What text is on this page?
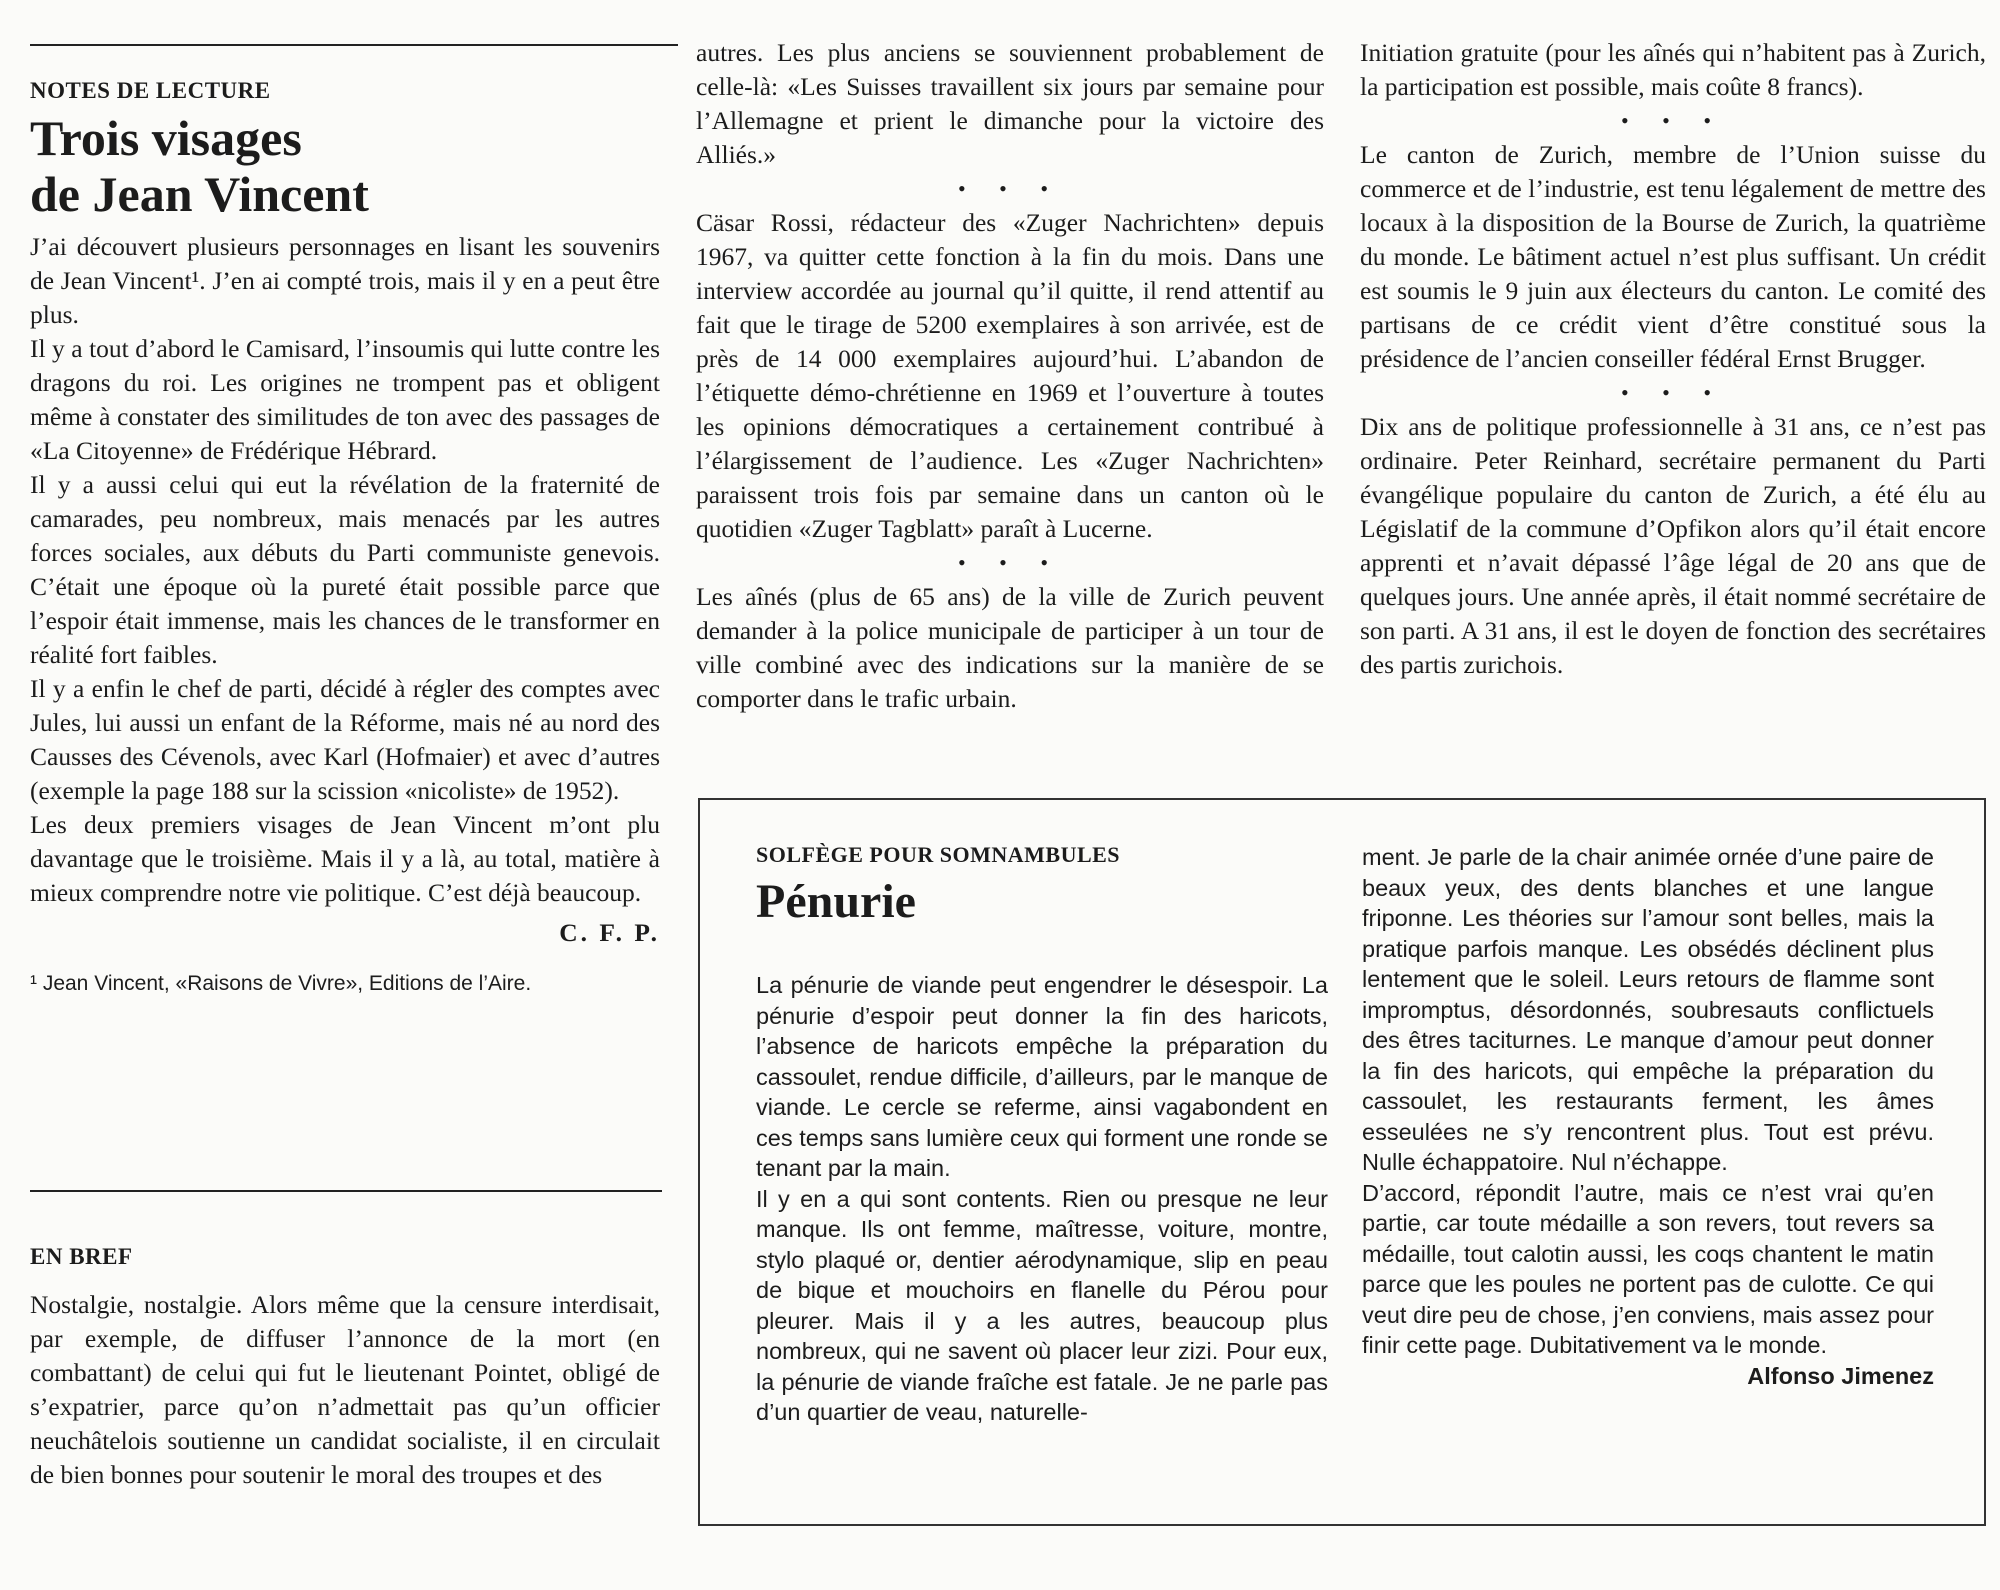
NOTES DE LECTURE

Trois visages
de Jean Vincent

J’ai découvert plusieurs personnages en lisant les souvenirs de Jean Vincent¹. J’en ai compté trois, mais il y en a peut être plus.

Il y a tout d’abord le Camisard, l’insoumis qui lutte contre les dragons du roi. Les origines ne trompent pas et obligent même à constater des similitudes de ton avec des passages de «La Citoyenne» de Frédérique Hébrard.

Il y a aussi celui qui eut la révélation de la fraternité de camarades, peu nombreux, mais menacés par les autres forces sociales, aux débuts du Parti communiste genevois. C’était une époque où la pureté était possible parce que l’espoir était immense, mais les chances de le transformer en réalité fort faibles.

Il y a enfin le chef de parti, décidé à régler des comptes avec Jules, lui aussi un enfant de la Réforme, mais né au nord des Causses des Cévenols, avec Karl (Hofmaier) et avec d’autres (exemple la page 188 sur la scission «nicoliste» de 1952).

Les deux premiers visages de Jean Vincent m’ont plu davantage que le troisième. Mais il y a là, au total, matière à mieux comprendre notre vie politique. C’est déjà beaucoup.

C. F. P.

¹ Jean Vincent, «Raisons de Vivre», Editions de l’Aire.

EN BREF

Nostalgie, nostalgie. Alors même que la censure interdisait, par exemple, de diffuser l’annonce de la mort (en combattant) de celui qui fut le lieutenant Pointet, obligé de s’expatrier, parce qu’on n’admettait pas qu’un officier neuchâtelois soutienne un candidat socialiste, il en circulait de bien bonnes pour soutenir le moral des troupes et des

autres. Les plus anciens se souviennent probablement de celle-là: «Les Suisses travaillent six jours par semaine pour l’Allemagne et prient le dimanche pour la victoire des Alliés.»

• • •

Cäsar Rossi, rédacteur des «Zuger Nachrichten» depuis 1967, va quitter cette fonction à la fin du mois. Dans une interview accordée au journal qu’il quitte, il rend attentif au fait que le tirage de 5200 exemplaires à son arrivée, est de près de 14 000 exemplaires aujourd’hui. L’abandon de l’étiquette démo-chrétienne en 1969 et l’ouverture à toutes les opinions démocratiques a certainement contribué à l’élargissement de l’audience. Les «Zuger Nachrichten» paraissent trois fois par semaine dans un canton où le quotidien «Zuger Tagblatt» paraît à Lucerne.

• • •

Les aînés (plus de 65 ans) de la ville de Zurich peuvent demander à la police municipale de participer à un tour de ville combiné avec des indications sur la manière de se comporter dans le trafic urbain.

Initiation gratuite (pour les aînés qui n’habitent pas à Zurich, la participation est possible, mais coûte 8 francs).

• • •

Le canton de Zurich, membre de l’Union suisse du commerce et de l’industrie, est tenu légalement de mettre des locaux à la disposition de la Bourse de Zurich, la quatrième du monde. Le bâtiment actuel n’est plus suffisant. Un crédit est soumis le 9 juin aux électeurs du canton. Le comité des partisans de ce crédit vient d’être constitué sous la présidence de l’ancien conseiller fédéral Ernst Brugger.

• • •

Dix ans de politique professionnelle à 31 ans, ce n’est pas ordinaire. Peter Reinhard, secrétaire permanent du Parti évangélique populaire du canton de Zurich, a été élu au Législatif de la commune d’Opfikon alors qu’il était encore apprenti et n’avait dépassé l’âge légal de 20 ans que de quelques jours. Une année après, il était nommé secrétaire de son parti. A 31 ans, il est le doyen de fonction des secrétaires des partis zurichois.

SOLFÈGE POUR SOMNAMBULES

Pénurie

La pénurie de viande peut engendrer le désespoir. La pénurie d’espoir peut donner la fin des haricots, l’absence de haricots empêche la préparation du cassoulet, rendue difficile, d’ailleurs, par le manque de viande. Le cercle se referme, ainsi vagabondent en ces temps sans lumière ceux qui forment une ronde se tenant par la main.

Il y en a qui sont contents. Rien ou presque ne leur manque. Ils ont femme, maîtresse, voiture, montre, stylo plaqué or, dentier aérodynamique, slip en peau de bique et mouchoirs en flanelle du Pérou pour pleurer. Mais il y a les autres, beaucoup plus nombreux, qui ne savent où placer leur zizi. Pour eux, la pénurie de viande fraîche est fatale. Je ne parle pas d’un quartier de veau, naturelle-

ment. Je parle de la chair animée ornée d’une paire de beaux yeux, des dents blanches et une langue friponne. Les théories sur l’amour sont belles, mais la pratique parfois manque. Les obsédés déclinent plus lentement que le soleil. Leurs retours de flamme sont impromptus, désordonnés, soubresauts conflictuels des êtres taciturnes. Le manque d’amour peut donner la fin des haricots, qui empêche la préparation du cassoulet, les restaurants ferment, les âmes esseulées ne s’y rencontrent plus. Tout est prévu. Nulle échappatoire. Nul n’échappe.

D’accord, répondit l’autre, mais ce n’est vrai qu’en partie, car toute médaille a son revers, tout revers sa médaille, tout calotin aussi, les coqs chantent le matin parce que les poules ne portent pas de culotte. Ce qui veut dire peu de chose, j’en conviens, mais assez pour finir cette page. Dubitativement va le monde.

Alfonso Jimenez
